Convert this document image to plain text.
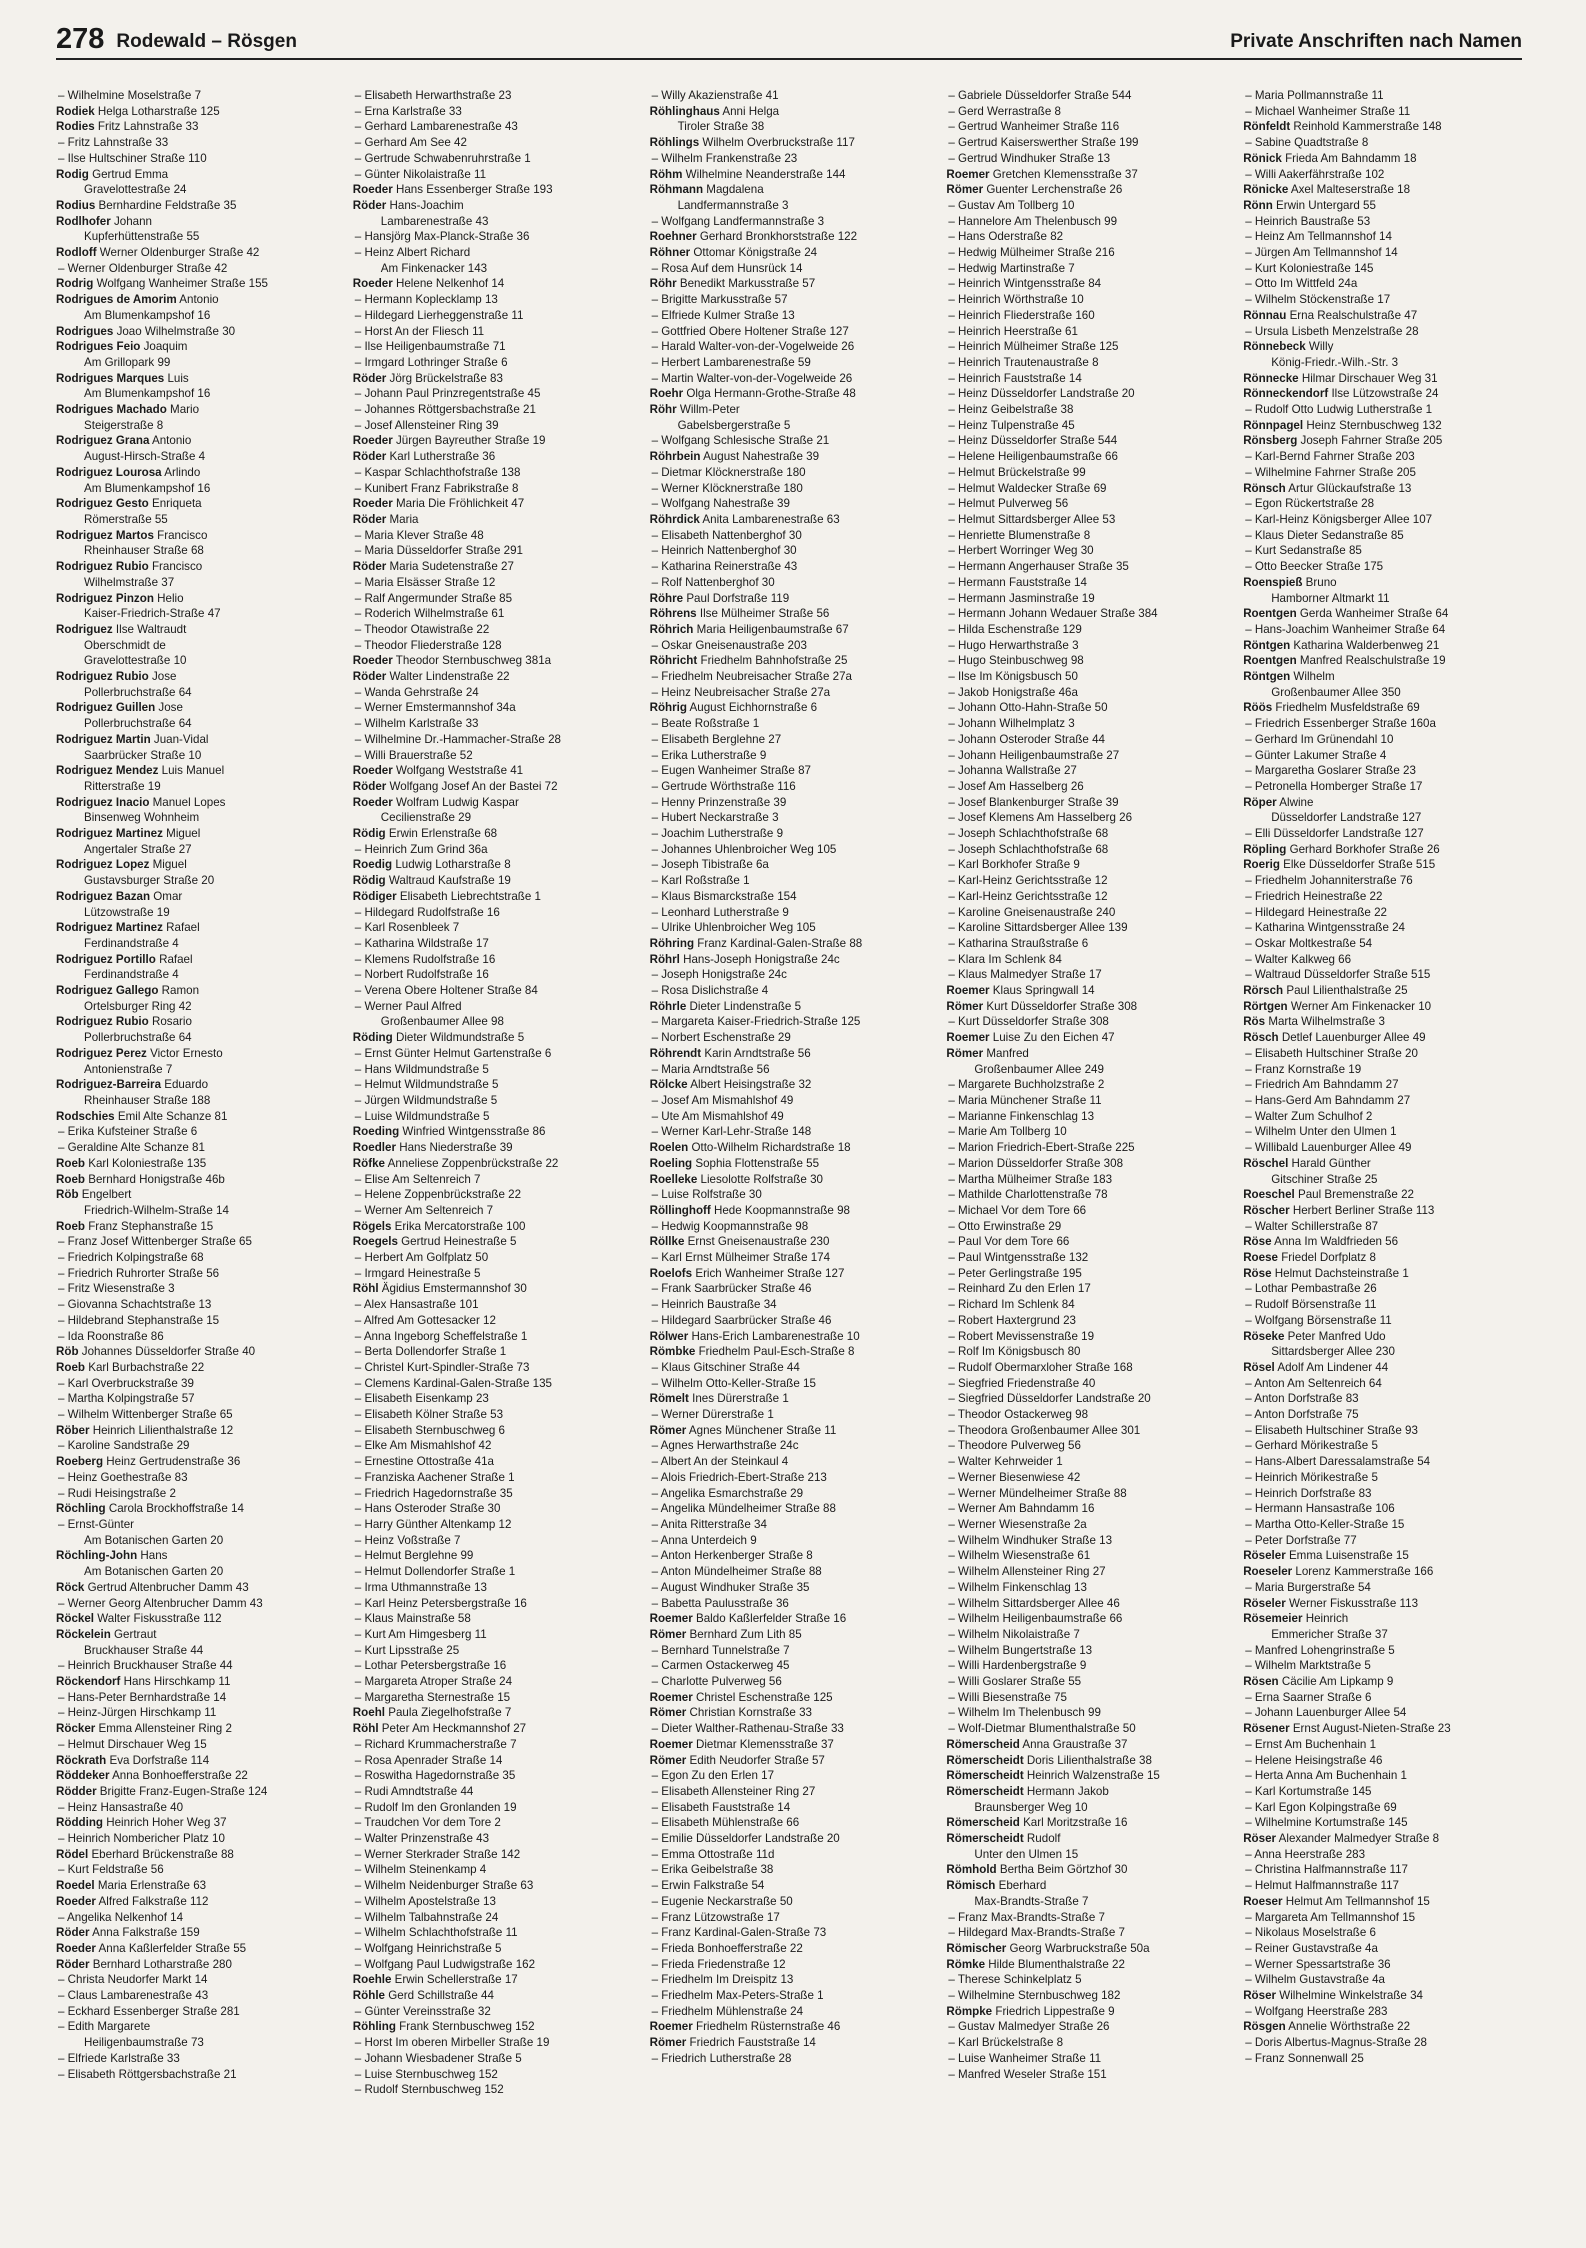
278 Rodewald – Rösgen	Private Anschriften nach Namen
– Wilhelmine Moselstraße 7
Rodiek Helga Lotharstraße 125
Rodies Fritz Lahnstraße 33
– Fritz Lahnstraße 33
– Ilse Hultschiner Straße 110
Rodig Gertrud Emma
Gravelottestraße 24
Rodius Bernhardine Feldstraße 35
Rodlhofer Johann
Kupferhüttenstraße 55
Rodloff Werner Oldenburger Straße 42
– Werner Oldenburger Straße 42
Rodrig Wolfgang Wanheimer Straße 155
Rodrigues de Amorim Antonio
Am Blumenkampshof 16
Rodrigues Joao Wilhelmstraße 30
Rodrigues Feio Joaquim
Am Grillopark 99
Rodrigues Marques Luis
Am Blumenkampshof 16
Rodrigues Machado Mario
Steigerstraße 8
Rodriguez Grana Antonio
August-Hirsch-Straße 4
Rodriguez Lourosa Arlindo
Am Blumenkampshof 16
Rodriguez Gesto Enriqueta
Römerstraße 55
Rodriguez Martos Francisco
Rheinhauser Straße 68
Rodriguez Rubio Francisco
Wilhelmstraße 37
Rodriguez Pinzon Helio
Kaiser-Friedrich-Straße 47
Rodriguez Ilse Waltraudt
Oberschmidt de
Gravelottestraße 10
Rodriguez Rubio Jose
Pollerbruchstraße 64
Rodriguez Guillen Jose
Pollerbruchstraße 64
Rodriguez Martin Juan-Vidal
Saarbrücker Straße 10
Rodriguez Mendez Luis Manuel
Ritterstraße 19
Rodriguez Inacio Manuel Lopes
Binsenweg Wohnheim
Rodriguez Martinez Miguel
Angertaler Straße 27
Rodriguez Lopez Miguel
Gustavsburger Straße 20
Rodriguez Bazan Omar
Lützowstraße 19
Rodriguez Martinez Rafael
Ferdinandstraße 4
Rodriguez Portillo Rafael
Ferdinandstraße 4
Rodriguez Gallego Ramon
Ortelsburger Ring 42
Rodriguez Rubio Rosario
Pollerbruchstraße 64
Rodriguez Perez Victor Ernesto
Antonienstraße 7
Rodriguez-Barreira Eduardo
Rheinhauser Straße 188
Rodschies Emil Alte Schanze 81
– Erika Kufsteiner Straße 6
– Geraldine Alte Schanze 81
Roeb Karl Koloniestraße 135
Roeb Bernhard Honigstraße 46b
Röb Engelbert
Friedrich-Wilhelm-Straße 14
Roeb Franz Stephanstraße 15
– Franz Josef Wittenberger Straße 65
– Friedrich Kolpingstraße 68
– Friedrich Ruhrorter Straße 56
– Fritz Wiesenstraße 3
– Giovanna Schachtstraße 13
– Hildebrand Stephanstraße 15
– Ida Roonstraße 86
Röb Johannes Düsseldorfer Straße 40
Roeb Karl Burbachstraße 22
– Karl Overbruckstraße 39
– Martha Kolpingstraße 57
– Wilhelm Wittenberger Straße 65
Röber Heinrich Lilienthalstraße 12
– Karoline Sandstraße 29
Roeberg Heinz Gertrudenstraße 36
– Heinz Goethestraße 83
– Rudi Heisingstraße 2
Röchling Carola Brockhoffstraße 14
– Ernst-Günter
Am Botanischen Garten 20
Röchling-John Hans
Am Botanischen Garten 20
Röck Gertrud Altenbrucher Damm 43
– Werner Georg Altenbrucher Damm 43
Röckel Walter Fiskusstraße 112
Röckelein Gertraut
Bruckhauser Straße 44
– Heinrich Bruckhauser Straße 44
Röckendorf Hans Hirschkamp 11
– Hans-Peter Bernhardstraße 14
– Heinz-Jürgen Hirschkamp 11
Röcker Emma Allensteiner Ring 2
– Helmut Dirschauer Weg 15
Röckrath Eva Dorfstraße 114
Röddeker Anna Bonhoefferstraße 22
Rödder Brigitte Franz-Eugen-Straße 124
– Heinz Hansastraße 40
Rödding Heinrich Hoher Weg 37
– Heinrich Nombericher Platz 10
Rödel Eberhard Brückenstraße 88
– Kurt Feldstraße 56
Roedel Maria Erlenstraße 63
Roeder Alfred Falkstraße 112
– Angelika Nelkenhof 14
Röder Anna Falkstraße 159
Roeder Anna Kaßlerfelder Straße 55
Röder Bernhard Lotharstraße 280
– Christa Neudorfer Markt 14
– Claus Lambarenestraße 43
– Eckhard Essenberger Straße 281
– Edith Margarete
Heiligenbaumstraße 73
– Elfriede Karlstraße 33
– Elisabeth Röttgersbachstraße 21
– Elisabeth Herwarthstraße 23
– Erna Karlstraße 33
– Gerhard Lambarenestraße 43
– Gerhard Am See 42
– Gertrude Schwabenruhrstraße 1
– Günter Nikolaistraße 11
Roeder Hans Essenberger Straße 193
Röder Hans-Joachim
Lambarenestraße 43
– Hansjörg Max-Planck-Straße 36
– Heinz Albert Richard
Am Finkenacker 143
Roeder Helene Nelkenhof 14
– Hermann Koplecklamp 13
– Hildegard Lierheggenstraße 11
– Horst An der Fliesch 11
– Ilse Heiligenbaumstraße 71
– Irmgard Lothringer Straße 6
Röder Jörg Brückelstraße 83
– Johann Paul Prinzregentstraße 45
– Johannes Röttgersbachstraße 21
– Josef Allensteiner Ring 39
Roeder Jürgen Bayreuther Straße 19
Röder Karl Lutherstraße 36
– Kaspar Schlachthofstraße 138
– Kunibert Franz Fabrikstraße 8
Roeder Maria Die Fröhlichkeit 47
Röder Maria
– Maria Klever Straße 48
– Maria Düsseldorfer Straße 291
Röder Maria Sudetenstraße 27
– Maria Elsässer Straße 12
– Ralf Angermunder Straße 85
– Roderich Wilhelmstraße 61
– Theodor Otawistraße 22
– Theodor Fliederstraße 128
Roeder Theodor Sternbuschweg 381a
Röder Walter Lindenstraße 22
– Wanda Gehrstraße 24
– Werner Emstermannshof 34a
– Wilhelm Karlstraße 33
– Wilhelmine Dr.-Hammacher-Straße 28
– Willi Brauerstraße 52
Roeder Wolfgang Weststraße 41
Röder Wolfgang Josef An der Bastei 72
Roeder Wolfram Ludwig Kaspar
Cecilienstraße 29
Rödig Erwin Erlenstraße 68
– Heinrich Zum Grind 36a
Roedig Ludwig Lotharstraße 8
Rödig Waltraud Kaufstraße 19
Rödiger Elisabeth Liebrechtstraße 1
– Hildegard Rudolfstraße 16
– Karl Rosenbleek 7
– Katharina Wildstraße 17
– Klemens Rudolfstraße 16
– Norbert Rudolfstraße 16
– Verena Obere Holtener Straße 84
– Werner Paul Alfred
Großenbaumer Allee 98
Röding Dieter Wildmundstraße 5
– Ernst Günter Helmut Gartenstraße 6
– Hans Wildmundstraße 5
– Helmut Wildmundstraße 5
– Jürgen Wildmundstraße 5
– Luise Wildmundstraße 5
Roeding Winfried Wintgensstraße 86
Roedler Hans Niederstraße 39
Röfke Anneliese Zoppenbrückstraße 22
– Elise Am Seltenreich 7
– Helene Zoppenbrückstraße 22
– Werner Am Seltenreich 7
Rögels Erika Mercatorstraße 100
Roegels Gertrud Heinestraße 5
– Herbert Am Golfplatz 50
– Irmgard Heinestraße 5
Röhl Ägidius Emstermannshof 30
– Alex Hansastraße 101
– Alfred Am Gottesacker 12
– Anna Ingeborg Scheffelstraße 1
– Berta Dollendorfer Straße 1
– Christel Kurt-Spindler-Straße 73
– Clemens Kardinal-Galen-Straße 135
– Elisabeth Eisenkamp 23
– Elisabeth Kölner Straße 53
– Elisabeth Sternbuschweg 6
– Elke Am Mismahlshof 42
– Ernestine Ottostraße 41a
– Franziska Aachener Straße 1
– Friedrich Hagedornstraße 35
– Hans Osteroder Straße 30
– Harry Günther Altenkamp 12
– Heinz Voßstraße 7
– Helmut Berglehne 99
– Helmut Dollendorfer Straße 1
– Irma Uthmannstraße 13
– Karl Heinz Petersbergstraße 16
– Klaus Mainstraße 58
– Kurt Am Himgesberg 11
– Kurt Lipsstraße 25
– Lothar Petersbergstraße 16
– Margareta Atroper Straße 24
– Margaretha Sternestraße 15
Roehl Paula Ziegelhofstraße 7
Röhl Peter Am Heckmannshof 27
– Richard Krummacherstraße 7
– Rosa Apenrader Straße 14
– Roswitha Hagedornstraße 35
– Rudi Amndtstraße 44
– Rudolf Im den Gronlanden 19
– Traudchen Vor dem Tore 2
– Walter Prinzenstraße 43
– Werner Sterkrader Straße 142
– Wilhelm Steinenkamp 4
– Wilhelm Neidenburger Straße 63
– Wilhelm Apostelstraße 13
– Wilhelm Talbahnstraße 24
– Wilhelm Schlachthofstraße 11
– Wolfgang Heinrichstraße 5
– Wolfgang Paul Ludwigstraße 162
Roehle Erwin Schellerstraße 17
Röhle Gerd Schillstraße 44
– Günter Vereinsstraße 32
Röhling Frank Sternbuschweg 152
– Horst Im oberen Mirbeller Straße 19
– Johann Wiesbadener Straße 5
– Luise Sternbuschweg 152
– Rudolf Sternbuschweg 152
– Willy Akazienstraße 41
Röhlinghaus Anni Helga
Tiroler Straße 38
Röhlings Wilhelm Overbruckstraße 117
– Wilhelm Frankenstraße 23
Röhm Wilhelmine Neanderstraße 144
Röhmann Magdalena
Landfermannstraße 3
– Wolfgang Landfermannstraße 3
Roehner Gerhard Bronkhorststraße 122
Röhner Ottomar Königstraße 24
– Rosa Auf dem Hunsrück 14
Röhr Benedikt Markusstraße 57
– Brigitte Markusstraße 57
– Elfriede Kulmer Straße 13
– Gottfried Obere Holtener Straße 127
– Harald Walter-von-der-Vogelweide 26
– Herbert Lambarenestraße 59
– Martin Walter-von-der-Vogelweide 26
Roehr Olga Hermann-Grothe-Straße 48
Röhr Willm-Peter
Gabelsbergerstraße 5
– Wolfgang Schlesische Straße 21
Röhrbein August Nahestraße 39
– Dietmar Klöcknerstraße 180
– Werner Klöcknerstraße 180
– Wolfgang Nahestraße 39
Röhrdick Anita Lambarenestraße 63
– Elisabeth Nattenberghof 30
– Heinrich Nattenberghof 30
– Katharina Reinerstraße 43
– Rolf Nattenberghof 30
Röhre Paul Dorfstraße 119
Röhrens Ilse Mülheimer Straße 56
Röhrich Maria Heiligenbaumstraße 67
– Oskar Gneisenaustraße 203
Röhricht Friedhelm Bahnhofstraße 25
– Friedhelm Neubreisacher Straße 27a
– Heinz Neubreisacher Straße 27a
Röhrig August Eichhornstraße 6
– Beate Roßstraße 1
– Elisabeth Berglehne 27
– Erika Lutherstraße 9
– Eugen Wanheimer Straße 87
– Gertrude Wörthstraße 116
– Henny Prinzenstraße 39
– Hubert Neckarstraße 3
– Joachim Lutherstraße 9
– Johannes Uhlenbroicher Weg 105
– Joseph Tibistraße 6a
– Karl Roßstraße 1
– Klaus Bismarckstraße 154
– Leonhard Lutherstraße 9
– Ulrike Uhlenbroicher Weg 105
Röhring Franz Kardinal-Galen-Straße 88
Röhrl Hans-Joseph Honigstraße 24c
– Joseph Honigstraße 24c
– Rosa Dislichstraße 4
Röhrle Dieter Lindenstraße 5
– Margareta Kaiser-Friedrich-Straße 125
– Norbert Eschenstraße 29
Röhrendt Karin Arndtstraße 56
– Maria Arndtstraße 56
Rölcke Albert Heisingstraße 32
– Josef Am Mismahlshof 49
– Ute Am Mismahlshof 49
– Werner Karl-Lehr-Straße 148
Roelen Otto-Wilhelm Richardstraße 18
Roeling Sophia Flottenstraße 55
Roelleke Liesolotte Rolfstraße 30
– Luise Rolfstraße 30
Röllinghoff Hede Koopmannstraße 98
– Hedwig Koopmannstraße 98
Röllke Ernst Gneisenaustraße 230
– Karl Ernst Mülheimer Straße 174
Roelofs Erich Wanheimer Straße 127
– Frank Saarbrücker Straße 46
– Heinrich Baustraße 34
– Hildegard Saarbrücker Straße 46
Rölwer Hans-Erich Lambarenestraße 10
Römbke Friedhelm Paul-Esch-Straße 8
– Klaus Gitschiner Straße 44
– Wilhelm Otto-Keller-Straße 15
Römelt Ines Dürerstraße 1
– Werner Dürerstraße 1
Römer Agnes Münchener Straße 11
– Agnes Herwarthstraße 24c
– Albert An der Steinkaul 4
– Alois Friedrich-Ebert-Straße 213
– Angelika Esmarchstraße 29
– Angelika Mündelheimer Straße 88
– Anita Ritterstraße 34
– Anna Unterdeich 9
– Anton Herkenberger Straße 8
– Anton Mündelheimer Straße 88
– August Windhuker Straße 35
– Babetta Paulusstraße 36
Roemer Baldo Kaßlerfelder Straße 16
Römer Bernhard Zum Lith 85
– Bernhard Tunnelstraße 7
– Carmen Ostackerweg 45
– Charlotte Pulverweg 56
Roemer Christel Eschenstraße 125
Römer Christian Kornstraße 33
– Dieter Walther-Rathenau-Straße 33
Roemer Dietmar Klemensstraße 37
Römer Edith Neudorfer Straße 57
– Egon Zu den Erlen 17
– Elisabeth Allensteiner Ring 27
– Elisabeth Fauststraße 14
– Elisabeth Mühlenstraße 66
– Emilie Düsseldorfer Landstraße 20
– Emma Ottostraße 11d
– Erika Geibelstraße 38
– Erwin Falkstraße 54
– Eugenie Neckarstraße 50
– Franz Lützowstraße 17
– Franz Kardinal-Galen-Straße 73
– Frieda Bonhoefferstraße 22
– Frieda Friedenstraße 12
– Friedhelm Im Dreispitz 13
– Friedhelm Max-Peters-Straße 1
– Friedhelm Mühlenstraße 24
Roemer Friedhelm Rüsternstraße 46
Römer Friedrich Fauststraße 14
– Friedrich Lutherstraße 28
– Gabriele Düsseldorfer Straße 544
– Gerd Werrastraße 8
– Gertrud Wanheimer Straße 116
– Gertrud Kaiserswerther Straße 199
– Gertrud Windhuker Straße 13
Roemer Gretchen Klemensstraße 37
Römer Guenter Lerchenstraße 26
– Gustav Am Tollberg 10
– Hannelore Am Thelenbusch 99
– Hans Oderstraße 82
– Hedwig Mülheimer Straße 216
– Hedwig Martinstraße 7
– Heinrich Wintgensstraße 84
– Heinrich Wörthstraße 10
– Heinrich Fliederstraße 160
– Heinrich Heerstraße 61
– Heinrich Mülheimer Straße 125
– Heinrich Trautenaustraße 8
– Heinrich Fauststraße 14
– Heinz Düsseldorfer Landstraße 20
– Heinz Geibelstraße 38
– Heinz Tulpenstraße 45
– Heinz Düsseldorfer Straße 544
– Helene Heiligenbaumstraße 66
– Helmut Brückelstraße 99
– Helmut Waldecker Straße 69
– Helmut Pulverweg 56
– Helmut Sittardsberger Allee 53
– Henriette Blumenstraße 8
– Herbert Worringer Weg 30
– Hermann Angerhauser Straße 35
– Hermann Fauststraße 14
– Hermann Jasminstraße 19
– Hermann Johann Wedauer Straße 384
– Hilda Eschenstraße 129
– Hugo Herwarthstraße 3
– Hugo Steinbuschweg 98
– Ilse Im Königsbusch 50
– Jakob Honigstraße 46a
– Johann Otto-Hahn-Straße 50
– Johann Wilhelmplatz 3
– Johann Osteroder Straße 44
– Johann Heiligenbaumstraße 27
– Johanna Wallstraße 27
– Josef Am Hasselberg 26
– Josef Blankenburger Straße 39
– Josef Klemens Am Hasselberg 26
– Joseph Schlachthofstraße 68
– Joseph Schlachthofstraße 68
– Karl Borkhofer Straße 9
– Karl-Heinz Gerichtsstraße 12
– Karl-Heinz Gerichtsstraße 12
– Karoline Gneisenaustraße 240
– Karoline Sittardsberger Allee 139
– Katharina Straußstraße 6
– Klara Im Schlenk 84
– Klaus Malmedyer Straße 17
Roemer Klaus Springwall 14
Römer Kurt Düsseldorfer Straße 308
– Kurt Düsseldorfer Straße 308
Roemer Luise Zu den Eichen 47
Römer Manfred
Großenbaumer Allee 249
– Margarete Buchholzstraße 2
– Maria Münchener Straße 11
– Marianne Finkenschlag 13
– Marie Am Tollberg 10
– Marion Friedrich-Ebert-Straße 225
– Marion Düsseldorfer Straße 308
– Martha Mülheimer Straße 183
– Mathilde Charlottenstraße 78
– Michael Vor dem Tore 66
– Otto Erwinstraße 29
– Paul Vor dem Tore 66
– Paul Wintgensstraße 132
– Peter Gerlingstraße 195
– Reinhard Zu den Erlen 17
– Richard Im Schlenk 84
– Robert Haxtergrund 23
– Robert Mevissenstraße 19
– Rolf Im Königsbusch 80
– Rudolf Obermarxloher Straße 168
– Siegfried Friedenstraße 40
– Siegfried Düsseldorfer Landstraße 20
– Theodor Ostackerweg 98
– Theodora Großenbaumer Allee 301
– Theodore Pulverweg 56
– Walter Kehrweider 1
– Werner Biesenwiese 42
– Werner Mündelheimer Straße 88
– Werner Am Bahndamm 16
– Werner Wiesenstraße 2a
– Wilhelm Windhuker Straße 13
– Wilhelm Wiesenstraße 61
– Wilhelm Allensteiner Ring 27
– Wilhelm Finkenschlag 13
– Wilhelm Sittardsberger Allee 46
– Wilhelm Heiligenbaumstraße 66
– Wilhelm Nikolaistraße 7
– Wilhelm Bungertstraße 13
– Willi Hardenbergstraße 9
– Willi Goslarer Straße 55
– Willi Biesenstraße 75
– Wilhelm Im Thelenbusch 99
– Wolf-Dietmar Blumenthalstraße 50
Römerscheid Anna Graustraße 37
Römerscheidt Doris Lilienthalstraße 38
Römerscheidt Heinrich Walzenstraße 15
Römerscheidt Hermann Jakob
Braunsberger Weg 10
Römerscheid Karl Moritzstraße 16
Römerscheidt Rudolf
Unter den Ulmen 15
Römhold Bertha Beim Görtzhof 30
Römisch Eberhard
Max-Brandts-Straße 7
– Franz Max-Brandts-Straße 7
– Hildegard Max-Brandts-Straße 7
Römischer Georg Warbruckstraße 50a
Römke Hilde Blumenthalstraße 22
– Therese Schinkelplatz 5
– Wilhelmine Sternbuschweg 182
Römpke Friedrich Lippestraße 9
– Gustav Malmedyer Straße 26
– Karl Brückelstraße 8
– Luise Wanheimer Straße 11
– Manfred Weseler Straße 151
– Maria Pollmannstraße 11
– Michael Wanheimer Straße 11
Rönfeldt Reinhold Kammerstraße 148
– Sabine Quadtstraße 8
Rönick Frieda Am Bahndamm 18
– Willi Aakerfährstraße 102
Rönicke Axel Malteserstraße 18
Rönn Erwin Untergard 55
– Heinrich Baustraße 53
– Heinz Am Tellmannshof 14
– Jürgen Am Tellmannshof 14
– Kurt Koloniestraße 145
– Otto Im Wittfeld 24a
– Wilhelm Stöckenstraße 17
Rönnau Erna Realschulstraße 47
– Ursula Lisbeth Menzelstraße 28
Rönnebeck Willy
König-Friedr.-Wilh.-Str. 3
Rönnecke Hilmar Dirschauer Weg 31
Rönneckendorf Ilse Lützowstraße 24
– Rudolf Otto Ludwig Lutherstraße 1
Rönnpagel Heinz Sternbuschweg 132
Rönsberg Joseph Fahrner Straße 205
– Karl-Bernd Fahrner Straße 203
– Wilhelmine Fahrner Straße 205
Rönsch Artur Glückaufstraße 13
– Egon Rückertstraße 28
– Karl-Heinz Königsberger Allee 107
– Klaus Dieter Sedanstraße 85
– Kurt Sedanstraße 85
– Otto Beecker Straße 175
Roenspieß Bruno
Hamborner Altmarkt 11
Roentgen Gerda Wanheimer Straße 64
– Hans-Joachim Wanheimer Straße 64
Röntgen Katharina Walderbenweg 21
Roentgen Manfred Realschulstraße 19
Röntgen Wilhelm
Großenbaumer Allee 350
Röös Friedhelm Musfeldstraße 69
– Friedrich Essenberger Straße 160a
– Gerhard Im Grünendahl 10
– Günter Lakumer Straße 4
– Margaretha Goslarer Straße 23
– Petronella Homberger Straße 17
Röper Alwine
Düsseldorfer Landstraße 127
– Elli Düsseldorfer Landstraße 127
Röpling Gerhard Borkhofer Straße 26
Roerig Elke Düsseldorfer Straße 515
– Friedhelm Johanniterstraße 76
– Friedrich Heinestraße 22
– Hildegard Heinestraße 22
– Katharina Wintgensstraße 24
– Oskar Moltkestraße 54
– Walter Kalkweg 66
– Waltraud Düsseldorfer Straße 515
Rörsch Paul Lilienthalstraße 25
Rörtgen Werner Am Finkenacker 10
Rös Marta Wilhelmstraße 3
Rösch Detlef Lauenburger Allee 49
– Elisabeth Hultschiner Straße 20
– Franz Kornstraße 19
– Friedrich Am Bahndamm 27
– Hans-Gerd Am Bahndamm 27
– Walter Zum Schulhof 2
– Wilhelm Unter den Ulmen 1
– Willibald Lauenburger Allee 49
Röschel Harald Günther
Gitschiner Straße 25
Roeschel Paul Bremenstraße 22
Röscher Herbert Berliner Straße 113
– Walter Schillerstraße 87
Röse Anna Im Waldfrieden 56
Roese Friedel Dorfplatz 8
Röse Helmut Dachsteinstraße 1
– Lothar Pembastraße 26
– Rudolf Börsenstraße 11
– Wolfgang Börsenstraße 11
Röseke Peter Manfred Udo
Sittardsberger Allee 230
Rösel Adolf Am Lindener 44
– Anton Am Seltenreich 64
– Anton Dorfstraße 83
– Anton Dorfstraße 75
– Elisabeth Hultschiner Straße 93
– Gerhard Mörikestraße 5
– Hans-Albert Daressalamstraße 54
– Heinrich Mörikestraße 5
– Heinrich Dorfstraße 83
– Hermann Hansastraße 106
– Martha Otto-Keller-Straße 15
– Peter Dorfstraße 77
Röseler Emma Luisenstraße 15
Roeseler Lorenz Kammerstraße 166
– Maria Burgerstraße 54
Röseler Werner Fiskusstraße 113
Rösemeier Heinrich
Emmericher Straße 37
– Manfred Lohengrinstraße 5
– Wilhelm Marktstraße 5
Rösen Cäcilie Am Lipkamp 9
– Erna Saarner Straße 6
– Johann Lauenburger Allee 54
Rösener Ernst August-Nieten-Straße 23
– Ernst Am Buchenhain 1
– Helene Heisingstraße 46
– Herta Anna Am Buchenhain 1
– Karl Kortumstraße 145
– Karl Egon Kolpingstraße 69
– Wilhelmine Kortumstraße 145
Röser Alexander Malmedyer Straße 8
– Anna Heerstraße 283
– Christina Halfmannstraße 117
– Helmut Halfmannstraße 117
Roeser Helmut Am Tellmannshof 15
– Margareta Am Tellmannshof 15
– Nikolaus Moselstraße 6
– Reiner Gustavstraße 4a
– Werner Spessartstraße 36
– Wilhelm Gustavstraße 4a
Röser Wilhelmine Winkelstraße 34
– Wolfgang Heerstraße 283
Rösgen Annelie Wörthstraße 22
– Doris Albertus-Magnus-Straße 28
– Franz Sonnenwall 25
